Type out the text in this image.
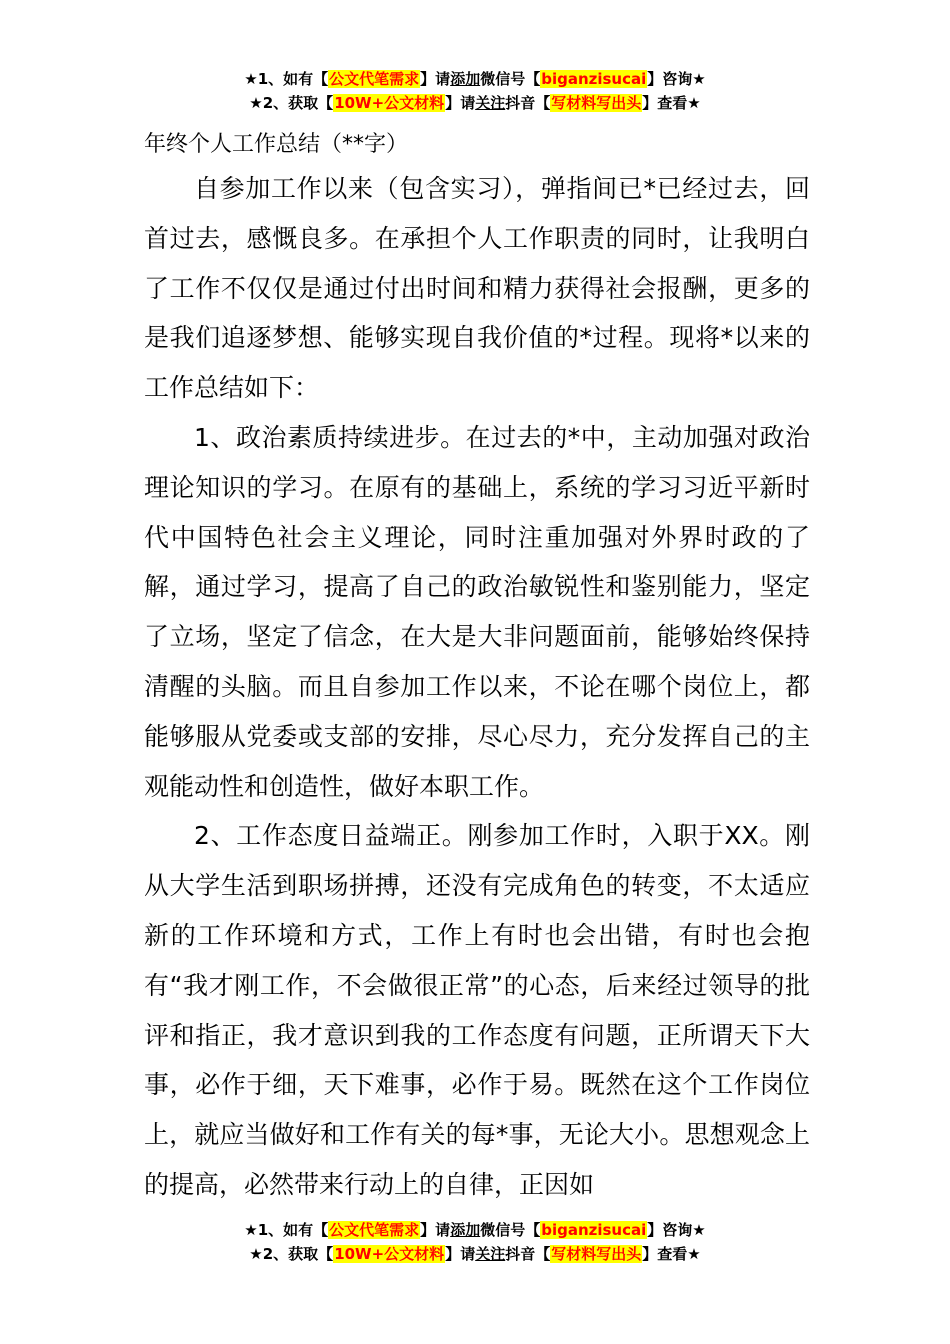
★1、如有【公文代笔需求】请添加微信号【biganzisucai】咨询★
★2、获取【10W+公文材料】请关注抖音【写材料写出头】查看★
年终个人工作总结（**字）

自参加工作以来（包含实习），弹指间已*已经过去，回首过去，感慨良多。在承担个人工作职责的同时，让我明白了工作不仅仅是通过付出时间和精力获得社会报酬，更多的是我们追逐梦想、能够实现自我价值的*过程。现将*以来的工作总结如下：

1、政治素质持续进步。在过去的*中，主动加强对政治理论知识的学习。在原有的基础上，系统的学习习近平新时代中国特色社会主义理论，同时注重加强对外界时政的了解，通过学习，提高了自己的政治敏锐性和鉴别能力，坚定了立场，坚定了信念，在大是大非问题面前，能够始终保持清醒的头脑。而且自参加工作以来，不论在哪个岗位上，都能够服从党委或支部的安排，尽心尽力，充分发挥自己的主观能动性和创造性，做好本职工作。

2、工作态度日益端正。刚参加工作时，入职于XX。刚从大学生活到职场拼搏，还没有完成角色的转变，不太适应新的工作环境和方式，工作上有时也会出错，有时也会抱有“我才刚工作，不会做很正常”的心态，后来经过领导的批评和指正，我才意识到我的工作态度有问题，正所谓天下大事，必作于细，天下难事，必作于易。既然在这个工作岗位上，就应当做好和工作有关的每*事，无论大小。思想观念上的提高，必然带来行动上的自律，正因如

★1、如有【公文代笔需求】请添加微信号【biganzisucai】咨询★
★2、获取【10W+公文材料】请关注抖音【写材料写出头】查看★
